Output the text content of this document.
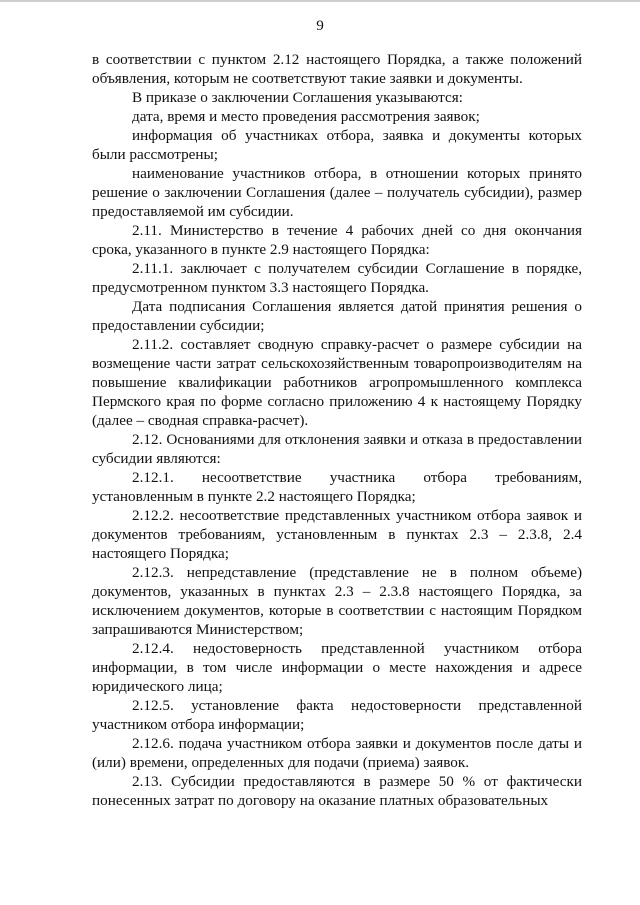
9

в соответствии с пунктом 2.12 настоящего Порядка, а также положений объявления, которым не соответствуют такие заявки и документы.

В приказе о заключении Соглашения указываются:

дата, время и место проведения рассмотрения заявок;

информация об участниках отбора, заявка и документы которых были рассмотрены;

наименование участников отбора, в отношении которых принято решение о заключении Соглашения (далее – получатель субсидии), размер предоставляемой им субсидии.

2.11. Министерство в течение 4 рабочих дней со дня окончания срока, указанного в пункте 2.9 настоящего Порядка:

2.11.1. заключает с получателем субсидии Соглашение в порядке, предусмотренном пунктом 3.3 настоящего Порядка.

Дата подписания Соглашения является датой принятия решения о предоставлении субсидии;

2.11.2. составляет сводную справку-расчет о размере субсидии на возмещение части затрат сельскохозяйственным товаропроизводителям на повышение квалификации работников агропромышленного комплекса Пермского края по форме согласно приложению 4 к настоящему Порядку (далее – сводная справка-расчет).

2.12. Основаниями для отклонения заявки и отказа в предоставлении субсидии являются:

2.12.1. несоответствие участника отбора требованиям, установленным в пункте 2.2 настоящего Порядка;

2.12.2. несоответствие представленных участником отбора заявок и документов требованиям, установленным в пунктах 2.3 – 2.3.8, 2.4 настоящего Порядка;

2.12.3. непредставление (представление не в полном объеме) документов, указанных в пунктах 2.3 – 2.3.8 настоящего Порядка, за исключением документов, которые в соответствии с настоящим Порядком запрашиваются Министерством;

2.12.4. недостоверность представленной участником отбора информации, в том числе информации о месте нахождения и адресе юридического лица;

2.12.5. установление факта недостоверности представленной участником отбора информации;

2.12.6. подача участником отбора заявки и документов после даты и (или) времени, определенных для подачи (приема) заявок.

2.13. Субсидии предоставляются в размере 50 % от фактически понесенных затрат по договору на оказание платных образовательных
